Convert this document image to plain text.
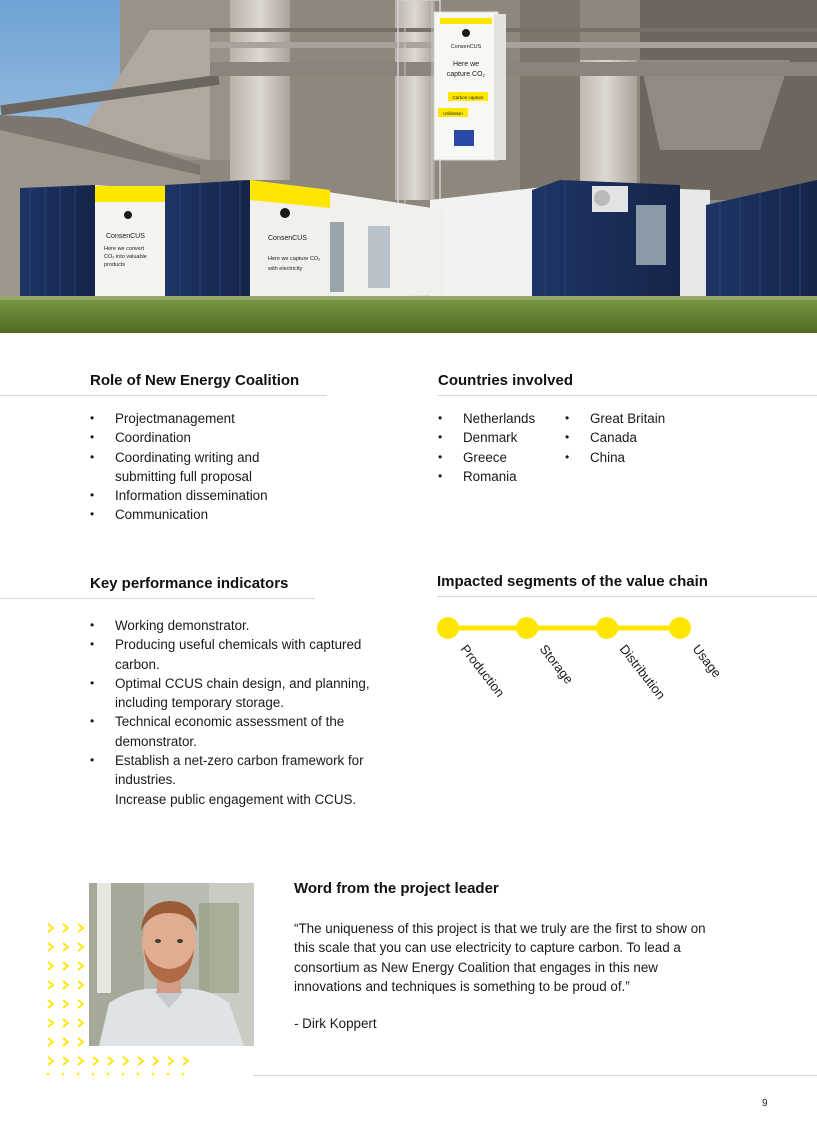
ConsenCUS
Here we
capture CO₂
Carbon capture
Utilisation
ConsenCUS
Here we convert
CO₂ into valuable
products
ConsenCUS
Here we capture CO₂
with electricity
Role of New Energy Coalition
• Projectmanagement
• Coordination
• Coordinating writing and submitting full proposal
• Information dissemination
• Communication
Countries involved
• Netherlands
• Denmark
• Greece
• Romania
• Great Britain
• Canada
• China
Key performance indicators
• Working demonstrator.
• Producing useful chemicals with captured carbon.
• Optimal CCUS chain design, and planning, including temporary storage.
• Technical economic assessment of the demonstrator.
• Establish a net-zero carbon framework for industries.
Increase public engagement with CCUS.
Impacted segments of the value chain
Production Storage	Distribution Usage
Word from the project leader

“The uniqueness of this project is that we truly are the first to show on this scale that you can use electricity to capture carbon. To lead a consortium as New Energy Coalition that engages in this new innovations and techniques is something to be proud of.”

- Dirk Koppert

9
